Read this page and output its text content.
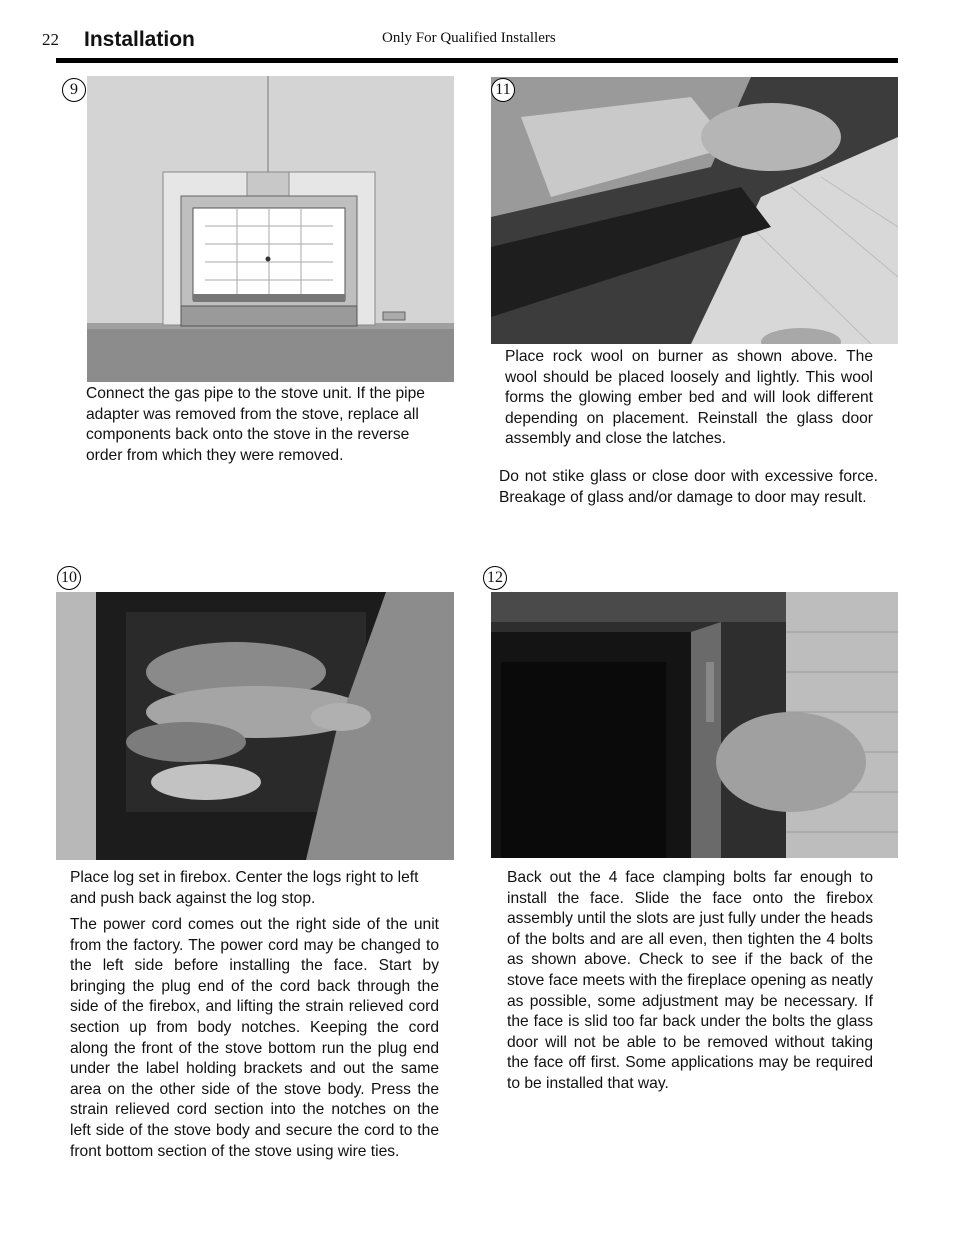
22 Installation	Only For Qualified Installers
9
Connect the gas pipe to the stove unit. If the pipe adapter was removed from the stove, replace all components back onto the stove in the reverse order from which they were removed.
11
Place rock wool on burner as shown above. The wool should be placed loosely and lightly. This wool forms the glowing ember bed and will look different depending on placement. Reinstall the glass door assembly and close the latches.
Do not stike glass or close door with excessive force. Breakage of glass and/or damage to door may result.
10
Place log set in firebox. Center the logs right to left and push back against the log stop.
The power cord comes out the right side of the unit from the factory. The power cord may be changed to the left side before installing the face. Start by bringing the plug end of the cord back through the side of the firebox, and lifting the strain relieved cord section up from body notches. Keeping the cord along the front of the stove bottom run the plug end under the label holding brackets and out the same area on the other side of the stove body. Press the strain relieved cord section into the notches on the left side of the stove body and secure the cord to the front bottom section of the stove using wire ties.
12
Back out the 4 face clamping bolts far enough to install the face. Slide the face onto the firebox assembly until the slots are just fully under the heads of the bolts and are all even, then tighten the 4 bolts as shown above. Check to see if the back of the stove face meets with the fireplace opening as neatly as possible, some adjustment may be necessary. If the face is slid too far back under the bolts the glass door will not be able to be removed without taking the face off first. Some applications may be required to be installed that way.
